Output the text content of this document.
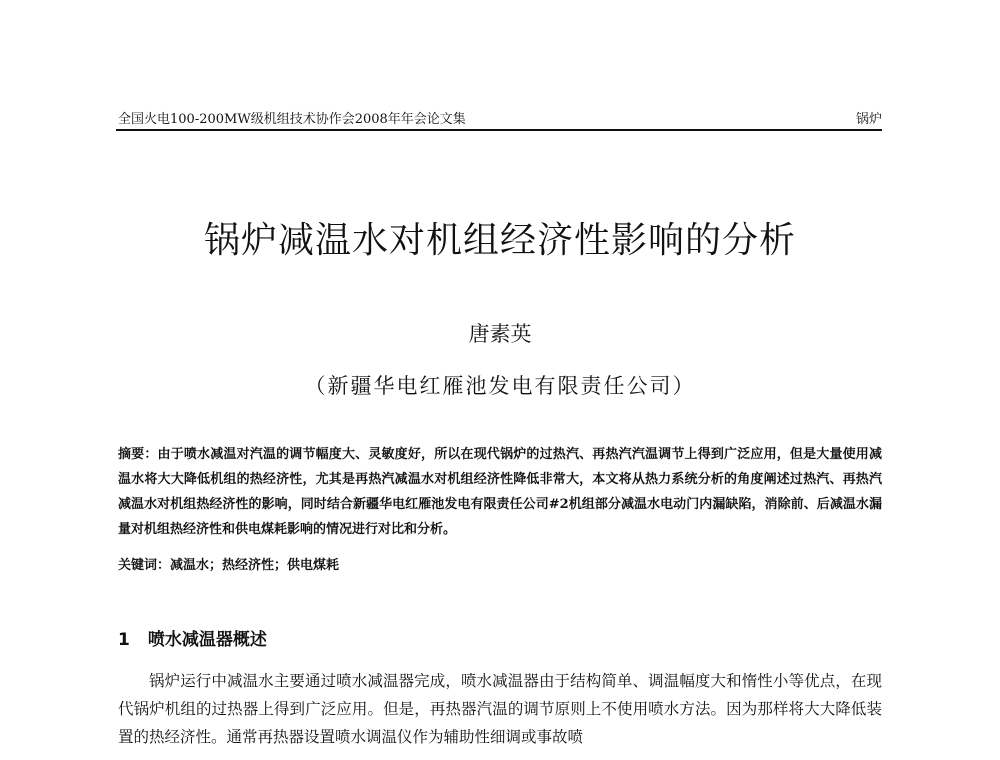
全国火电100-200MW级机组技术协作会2008年年会论文集	锅炉
锅炉减温水对机组经济性影响的分析
唐素英
（新疆华电红雁池发电有限责任公司）
摘要：由于喷水减温对汽温的调节幅度大、灵敏度好，所以在现代锅炉的过热汽、再热汽汽温调节上得到广泛应用，但是大量使用减温水将大大降低机组的热经济性，尤其是再热汽减温水对机组经济性降低非常大，本文将从热力系统分析的角度阐述过热汽、再热汽减温水对机组热经济性的影响，同时结合新疆华电红雁池发电有限责任公司#2机组部分减温水电动门内漏缺陷，消除前、后减温水漏量对机组热经济性和供电煤耗影响的情况进行对比和分析。
关键词：减温水；热经济性；供电煤耗
1 喷水减温器概述
锅炉运行中减温水主要通过喷水减温器完成，喷水减温器由于结构简单、调温幅度大和惰性小等优点，在现代锅炉机组的过热器上得到广泛应用。但是，再热器汽温的调节原则上不使用喷水方法。因为那样将大大降低装置的热经济性。通常再热器设置喷水调温仪作为辅助性细调或事故喷
